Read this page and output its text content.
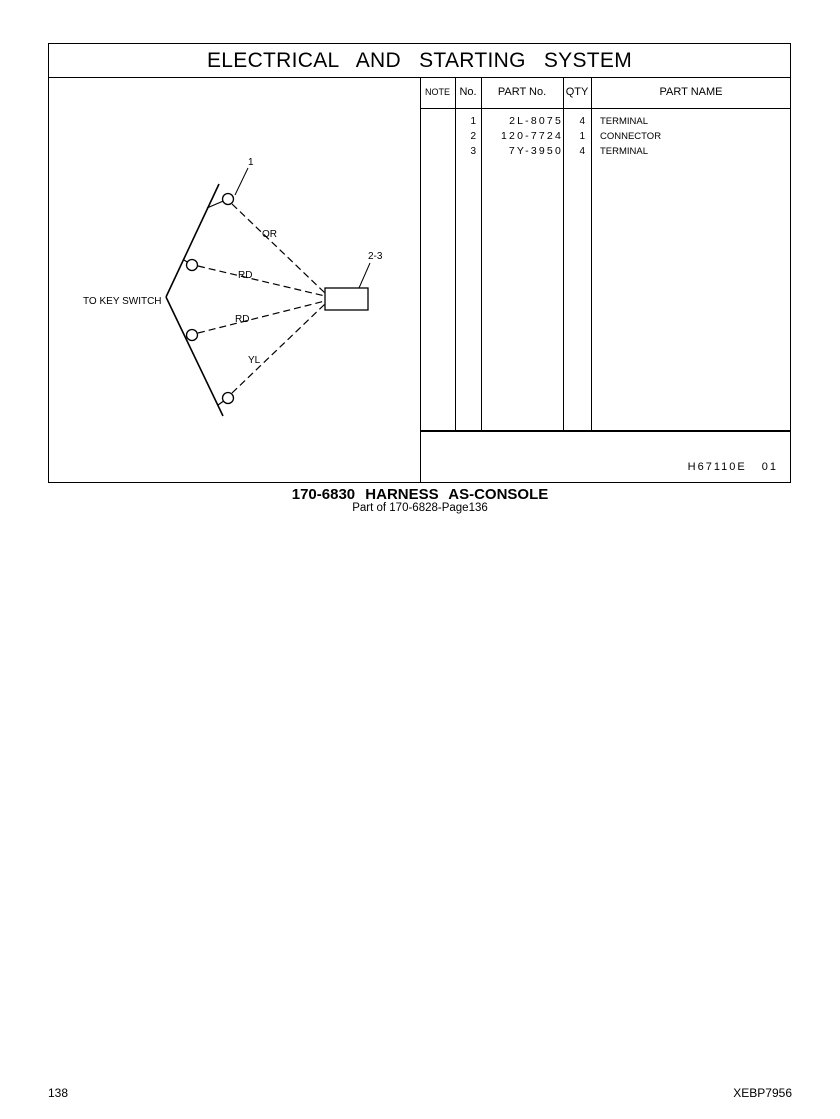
ELECTRICAL AND STARTING SYSTEM
TO KEY SWITCH
1
2-3
OR
RD
RD
YL
NOTE No.	PART No.	QTY	PART NAME
1	2L-8075	4 TERMINAL
2	120-7724	1 CONNECTOR
3	7Y-3950	4 TERMINAL
H67110E 01
170-6830 HARNESS AS-CONSOLE
Part of 170-6828-Page136
138	XEBP7956
